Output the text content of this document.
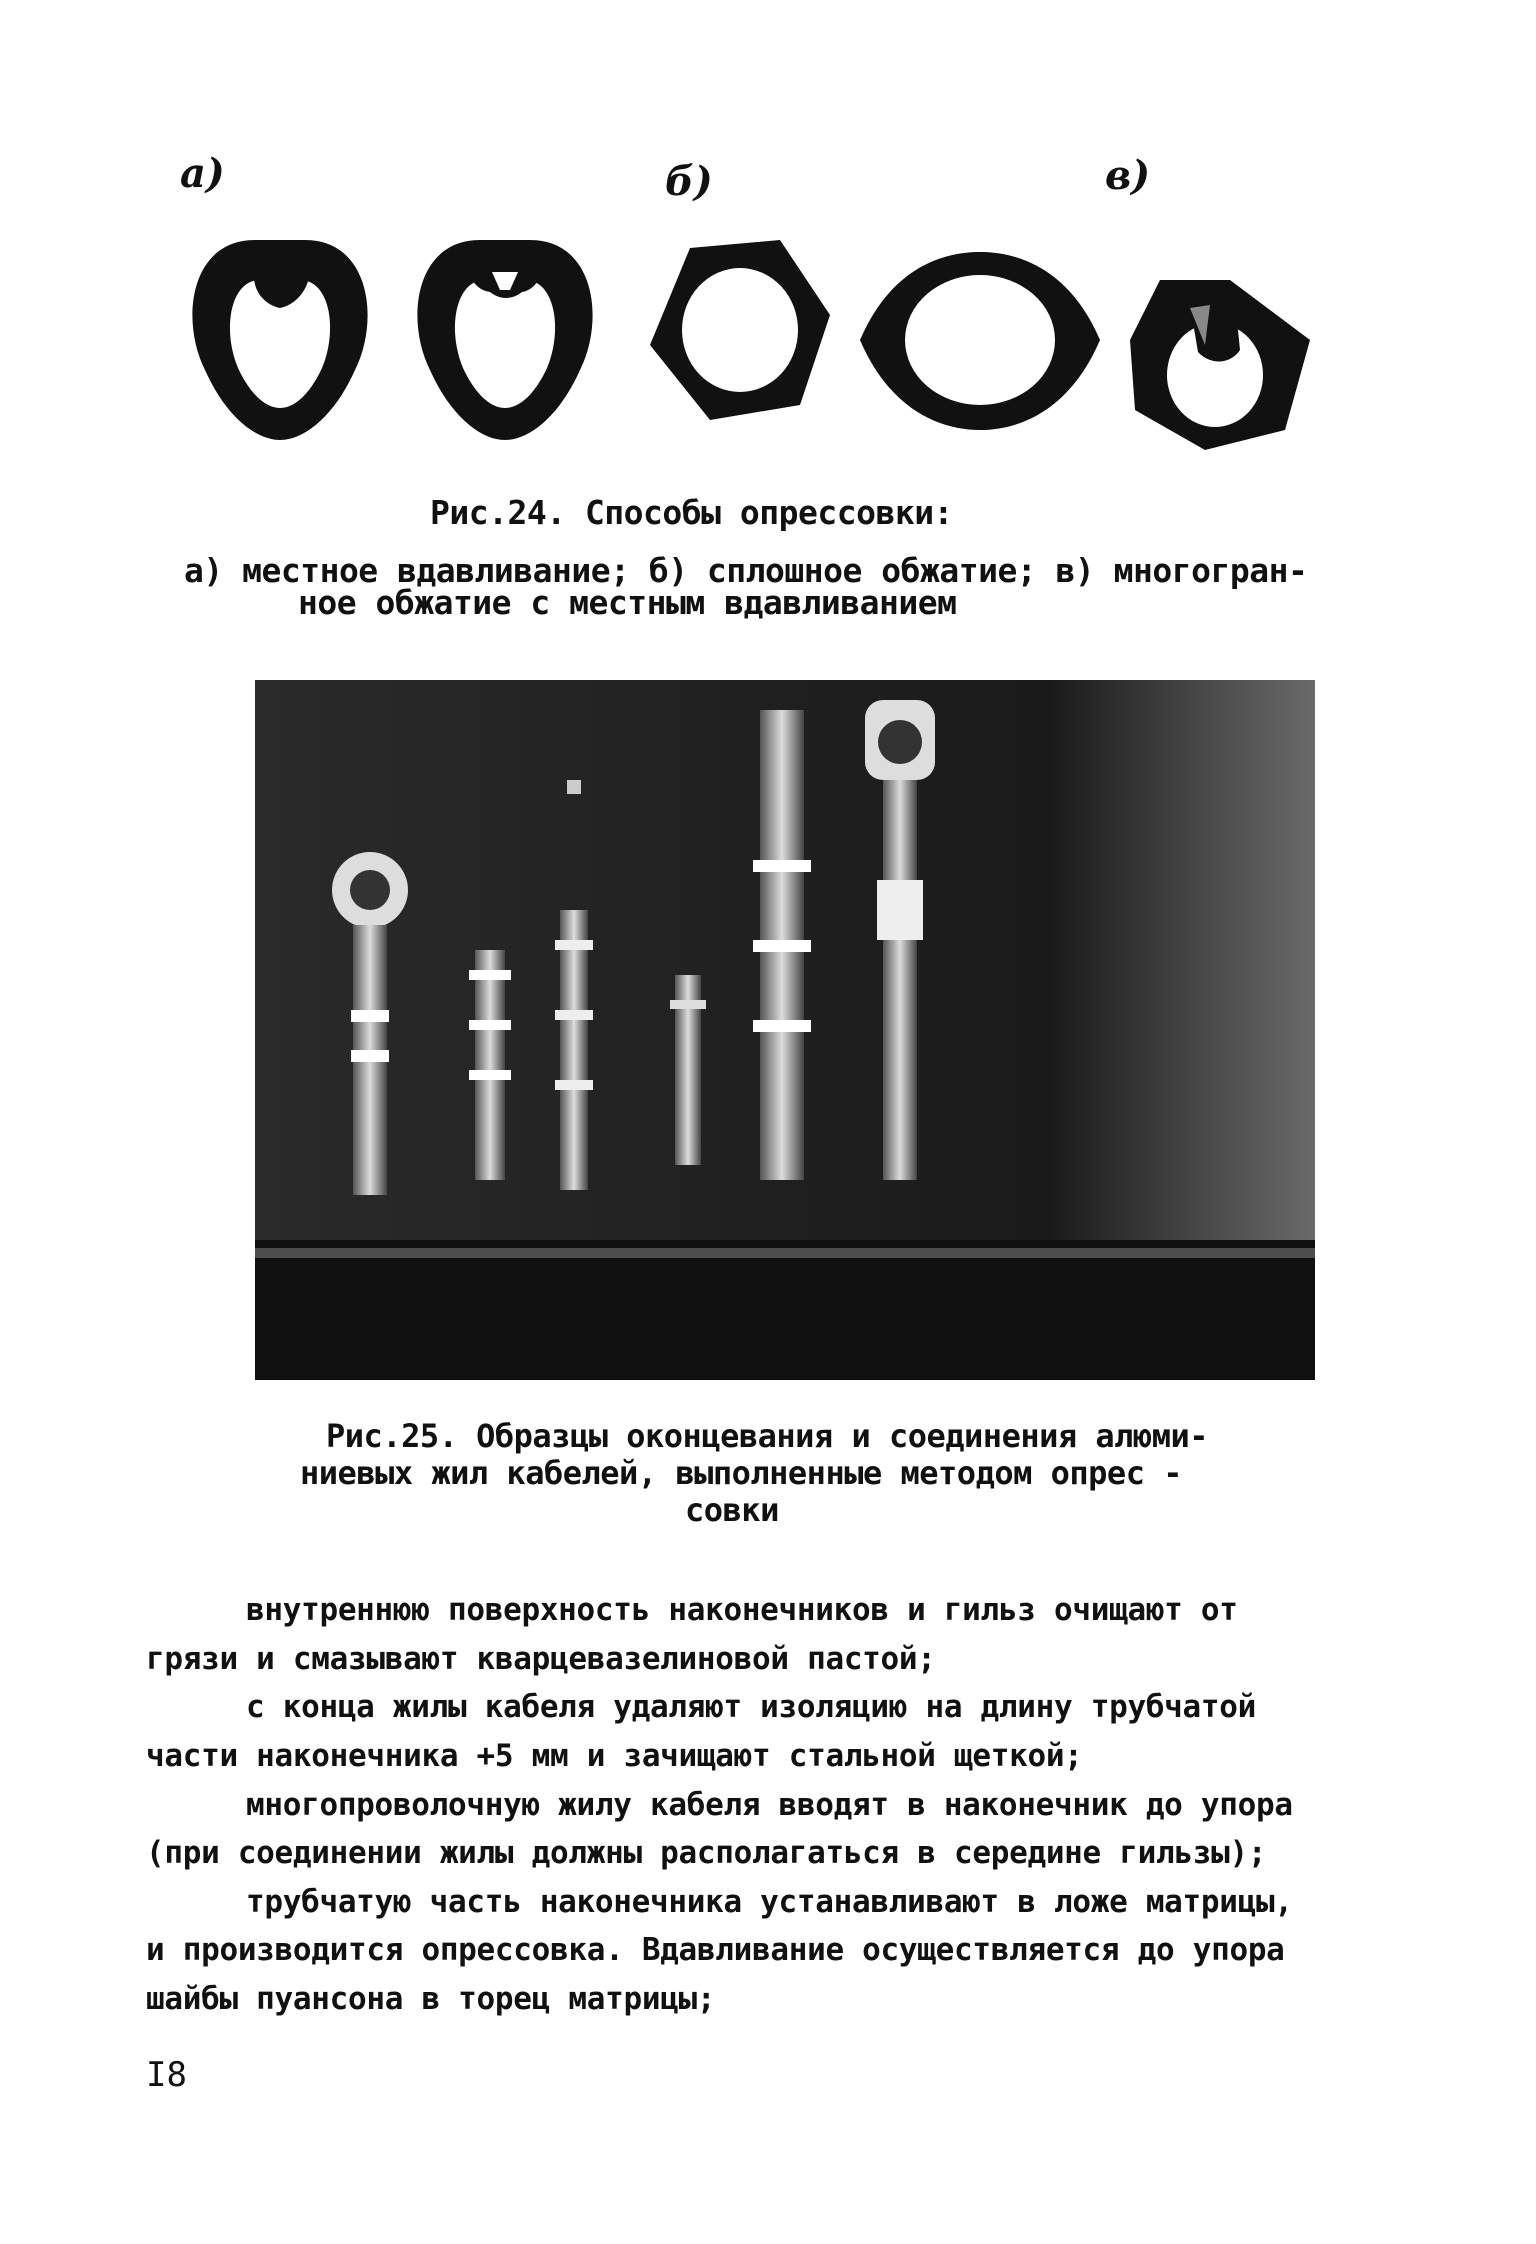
а)	б)	в)
Рис.24. Способы опрессовки:
а) местное вдавливание; б) сплошное обжатие; в) многогран-
ное обжатие с местным вдавливанием
Рис.25. Образцы оконцевания и соединения алюми-
ниевых жил кабелей, выполненные методом опрес -
совки
внутреннюю поверхность наконечников и гильз очищают от
грязи и смазывают кварцевазелиновой пастой;
с конца жилы кабеля удаляют изоляцию на длину трубчатой
части наконечника +5 мм и зачищают стальной щеткой;
многопроволочную жилу кабеля вводят в наконечник до упора
(при соединении жилы должны располагаться в середине гильзы);
трубчатую часть наконечника устанавливают в ложе матрицы,
и производится опрессовка. Вдавливание осуществляется до упора
шайбы пуансона в торец матрицы;
I8
